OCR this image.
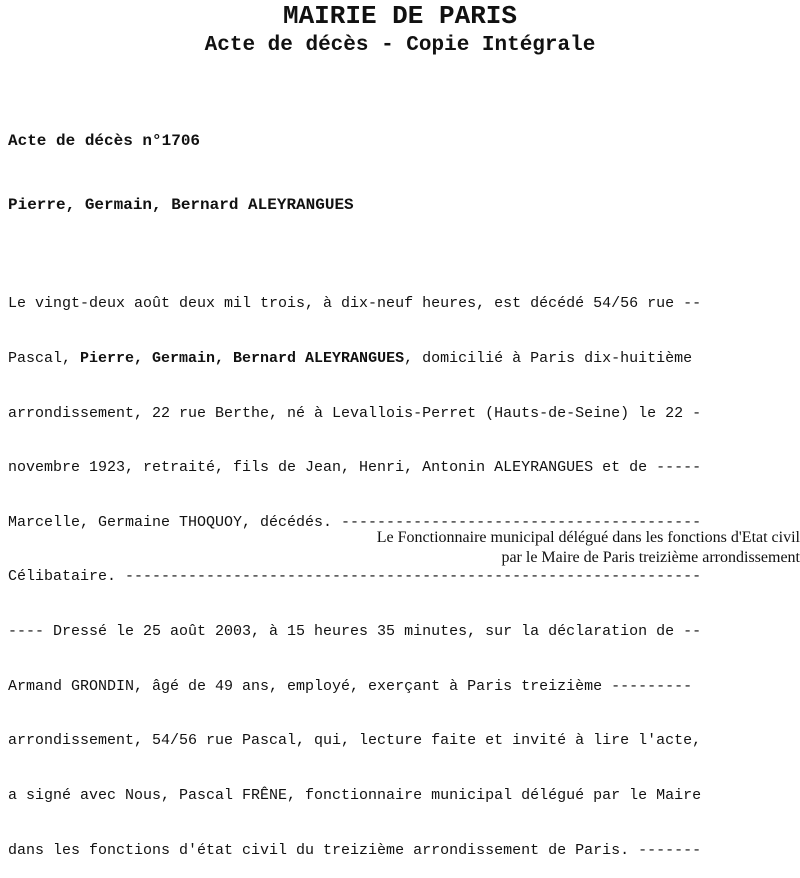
MAIRIE DE PARIS
Acte de décès - Copie Intégrale
Acte de décès n°1706
Pierre, Germain, Bernard ALEYRANGUES

Le vingt-deux août deux mil trois, à dix-neuf heures, est décédé 54/56 rue --

Pascal, Pierre, Germain, Bernard ALEYRANGUES, domicilié à Paris dix-huitième

arrondissement, 22 rue Berthe, né à Levallois-Perret (Hauts-de-Seine) le 22 -

novembre 1923, retraité, fils de Jean, Henri, Antonin ALEYRANGUES et de -----

Marcelle, Germaine THOQUOY, décédés. ----------------------------------------

Célibataire. ----------------------------------------------------------------

---- Dressé le 25 août 2003, à 15 heures 35 minutes, sur la déclaration de --

Armand GRONDIN, âgé de 49 ans, employé, exerçant à Paris treizième ---------

arrondissement, 54/56 rue Pascal, qui, lecture faite et invité à lire l'acte,

a signé avec Nous, Pascal FRÊNE, fonctionnaire municipal délégué par le Maire

dans les fonctions d'état civil du treizième arrondissement de Paris. -------

Le Fonctionnaire municipal délégué dans les fonctions d'Etat civil
par le Maire de Paris treizième arrondissement
